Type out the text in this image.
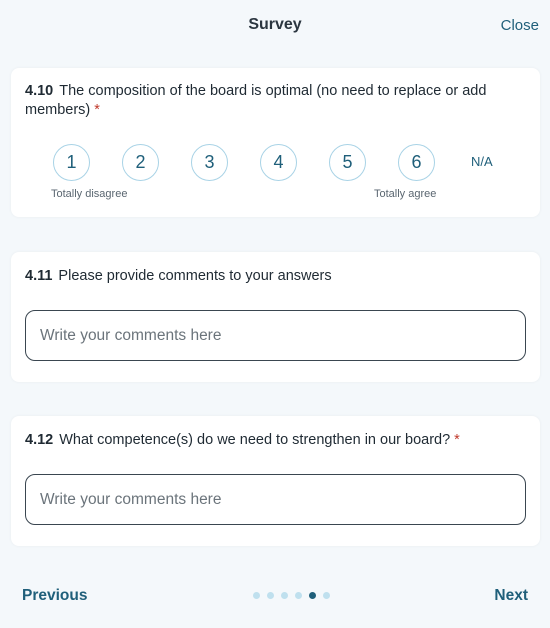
Survey	Close
4.10 The composition of the board is optimal (no need to replace or add members) *
1	2	3	4	5	6	N/A
Totally disagree	Totally agree
4.11 Please provide comments to your answers
Write your comments here
4.12 What competence(s) do we need to strengthen in our board? *
Write your comments here
Previous	Next
